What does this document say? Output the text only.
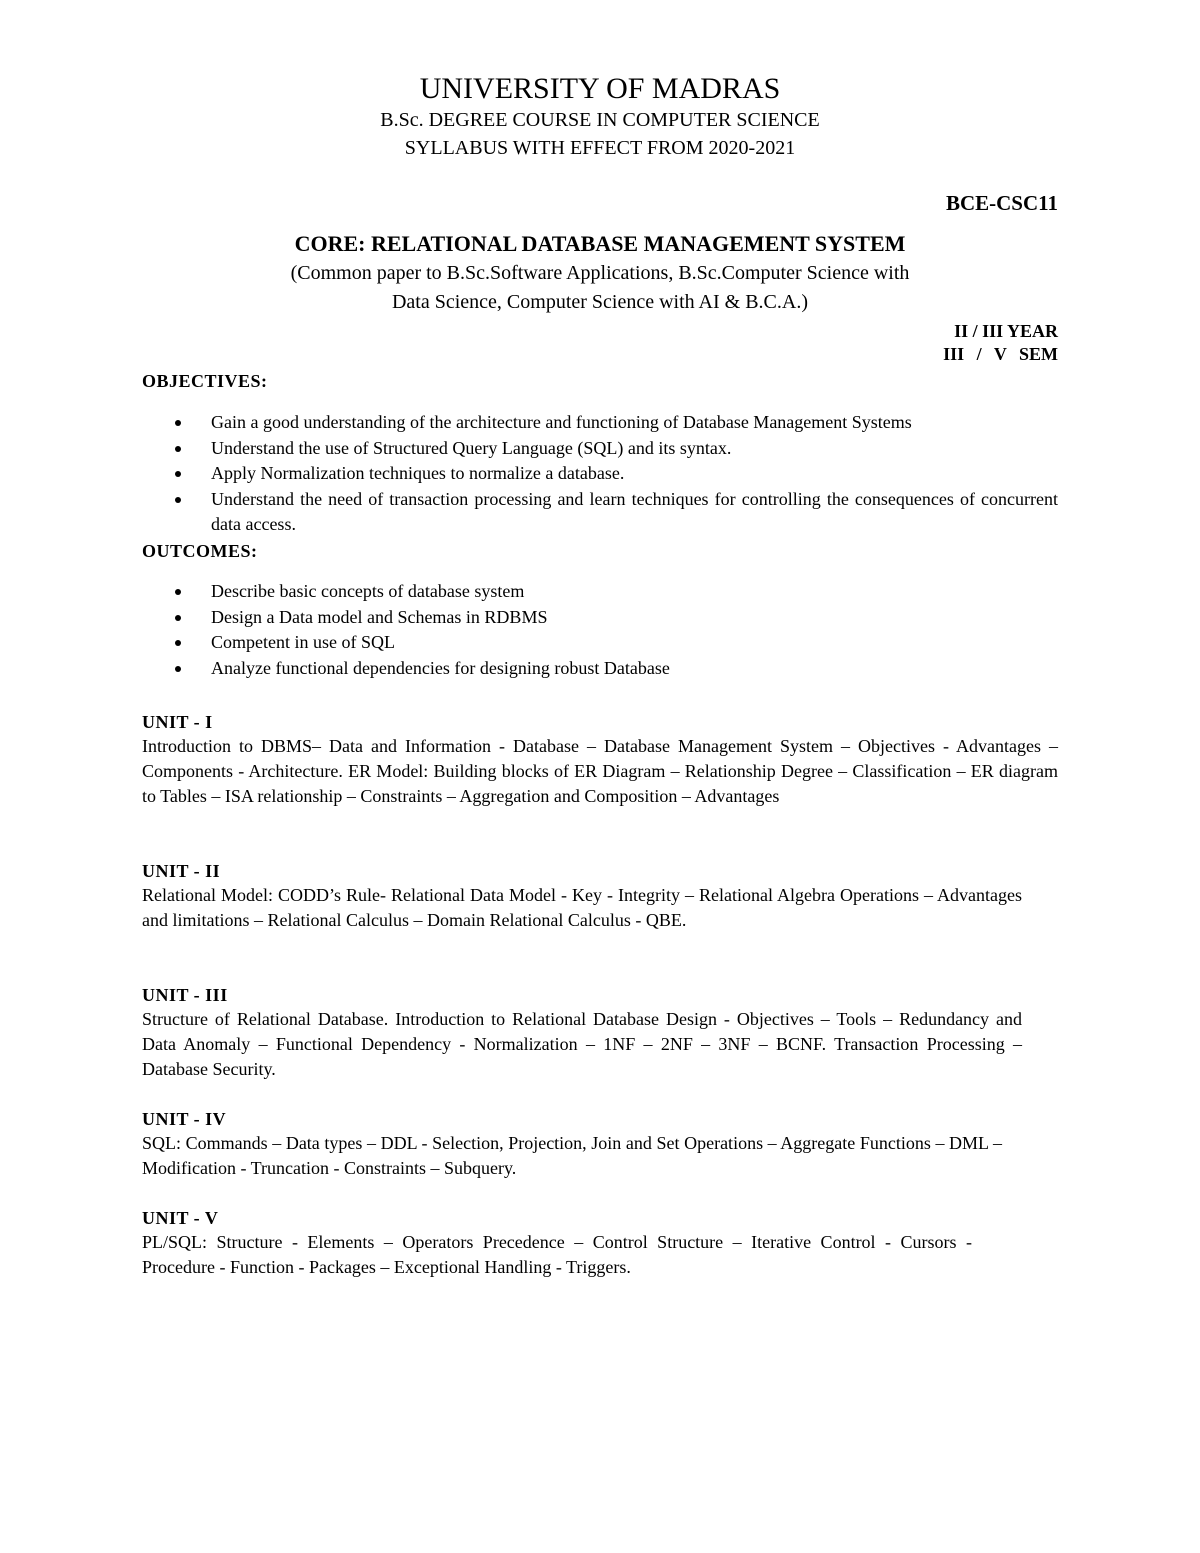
UNIVERSITY OF MADRAS
B.Sc. DEGREE COURSE IN COMPUTER SCIENCE
SYLLABUS WITH EFFECT FROM 2020-2021
BCE-CSC11
CORE: RELATIONAL DATABASE MANAGEMENT SYSTEM
(Common paper to B.Sc.Software Applications, B.Sc.Computer Science with
Data Science, Computer Science with AI & B.C.A.)
II / III YEAR
III / V SEM
OBJECTIVES:
Gain a good understanding of the architecture and functioning of Database Management Systems
Understand the use of Structured Query Language (SQL) and its syntax.
Apply Normalization techniques to normalize a database.
Understand the need of transaction processing and learn techniques for controlling the consequences of concurrent data access.
OUTCOMES:
Describe basic concepts of database system
Design a Data model and Schemas in RDBMS
Competent in use of SQL
Analyze functional dependencies for designing robust Database
UNIT - I
Introduction to DBMS– Data and Information - Database – Database Management System – Objectives - Advantages – Components - Architecture. ER Model: Building blocks of ER Diagram – Relationship Degree – Classification – ER diagram to Tables – ISA relationship – Constraints – Aggregation and Composition – Advantages
UNIT - II
Relational Model: CODD’s Rule- Relational Data Model - Key - Integrity – Relational Algebra Operations – Advantages and limitations – Relational Calculus – Domain Relational Calculus - QBE.
UNIT - III
Structure of Relational Database. Introduction to Relational Database Design - Objectives – Tools – Redundancy and Data Anomaly – Functional Dependency - Normalization – 1NF – 2NF – 3NF – BCNF. Transaction Processing – Database Security.
UNIT - IV
SQL: Commands – Data types – DDL - Selection, Projection, Join and Set Operations – Aggregate Functions – DML – Modification - Truncation - Constraints – Subquery.
UNIT - V
PL/SQL: Structure - Elements – Operators Precedence – Control Structure – Iterative Control - Cursors - Procedure - Function - Packages – Exceptional Handling - Triggers.
